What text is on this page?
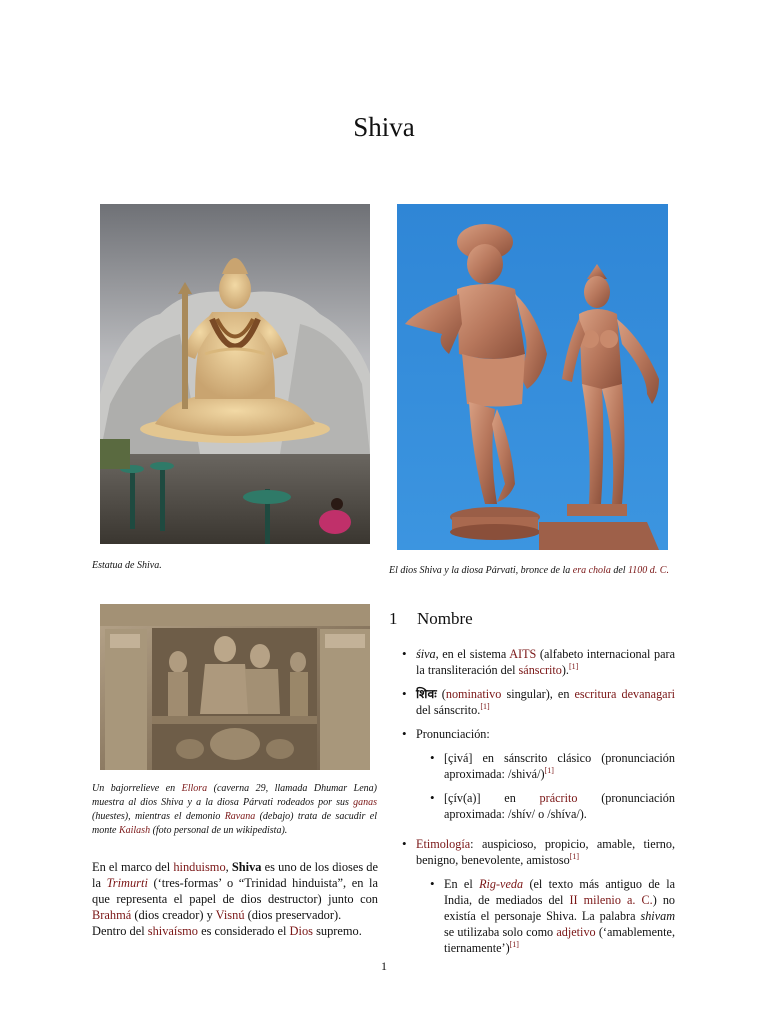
Shiva
Estatua de Shiva.	El dios Shiva y la diosa Párvati, bronce de la era chola del 1100 d. C.
Un bajorrelieve en Ellora (caverna 29, llamada Dhumar Lena) muestra al dios Shiva y a la diosa Párvati rodeados por sus ganas (huestes), mientras el demonio Ravana (debajo) trata de sacudir el monte Kailash (foto personal de un wikipedista).
En el marco del hinduismo, Shiva es uno de los dioses de la Trimurti (‘tres-formas’ o “Trinidad hinduista”, en la que representa el papel de dios destructor) junto con Brahmá (dios creador) y Visnú (dios preservador).
Dentro del shivaísmo es considerado el Dios supremo.
1 Nombre
• śiva, en el sistema AITS (alfabeto internacional para la transliteración del sánscrito).[1]
• शिवः (nominativo singular), en escritura devanagari del sánscrito.[1]
• Pronunciación:
• [çivá] en sánscrito clásico (pronunciación aproximada: /shivá/)[1]
• [çív(a)] en prácrito (pronunciación aproximada: /shív/ o /shíva/).
• Etimología: auspicioso, propicio, amable, tierno, benigno, benevolente, amistoso[1]
• En el Rig-veda (el texto más antiguo de la India, de mediados del II milenio a. C.) no existía el personaje Shiva. La palabra shivam se utilizaba solo como adjetivo (‘amablemente, tiernamente’)[1]
1
